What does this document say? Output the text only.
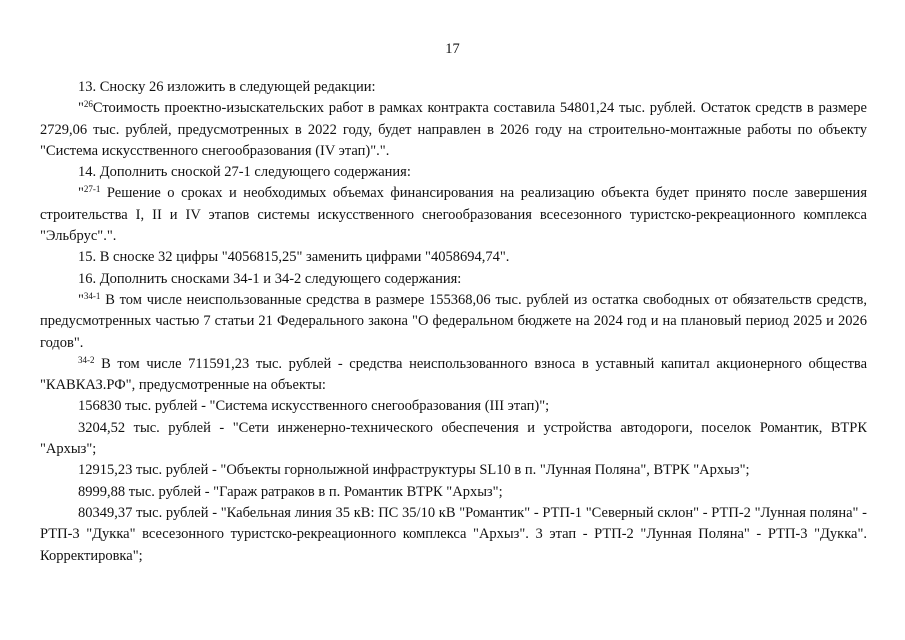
17

13. Сноску 26 изложить в следующей редакции:

"$^{26}$Стоимость проектно-изыскательских работ в рамках контракта составила 54801,24 тыс. рублей. Остаток средств в размере 2729,06 тыс. рублей, предусмотренных в 2022 году, будет направлен в 2026 году на строительно-монтажные работы по объекту "Система искусственного снегообразования (IV этап)".".

14. Дополнить сноской 27-1 следующего содержания:

"$^{27-1}$ Решение о сроках и необходимых объемах финансирования на реализацию объекта будет принято после завершения строительства I, II и IV этапов системы искусственного снегообразования всесезонного туристско-рекреационного комплекса "Эльбрус".".

15. В сноске 32 цифры "4056815,25" заменить цифрами "4058694,74".

16. Дополнить сносками 34-1 и 34-2 следующего содержания:

"$^{34-1}$ В том числе неиспользованные средства в размере 155368,06 тыс. рублей из остатка свободных от обязательств средств, предусмотренных частью 7 статьи 21 Федерального закона "О федеральном бюджете на 2024 год и на плановый период 2025 и 2026 годов".

$^{34-2}$ В том числе 711591,23 тыс. рублей - средства неиспользованного взноса в уставный капитал акционерного общества "КАВКАЗ.РФ", предусмотренные на объекты:

156830 тыс. рублей - "Система искусственного снегообразования (III этап)";

3204,52 тыс. рублей - "Сети инженерно-технического обеспечения и устройства автодороги, поселок Романтик, ВТРК "Архыз";

12915,23 тыс. рублей - "Объекты горнолыжной инфраструктуры SL10 в п. "Лунная Поляна", ВТРК "Архыз";

8999,88 тыс. рублей - "Гараж ратраков в п. Романтик ВТРК "Архыз";

80349,37 тыс. рублей - "Кабельная линия 35 кВ: ПС 35/10 кВ "Романтик" - РТП-1 "Северный склон" - РТП-2 "Лунная поляна" - РТП-3 "Дукка" всесезонного туристско-рекреационного комплекса "Архыз". 3 этап - РТП-2 "Лунная Поляна" - РТП-3 "Дукка". Корректировка";
